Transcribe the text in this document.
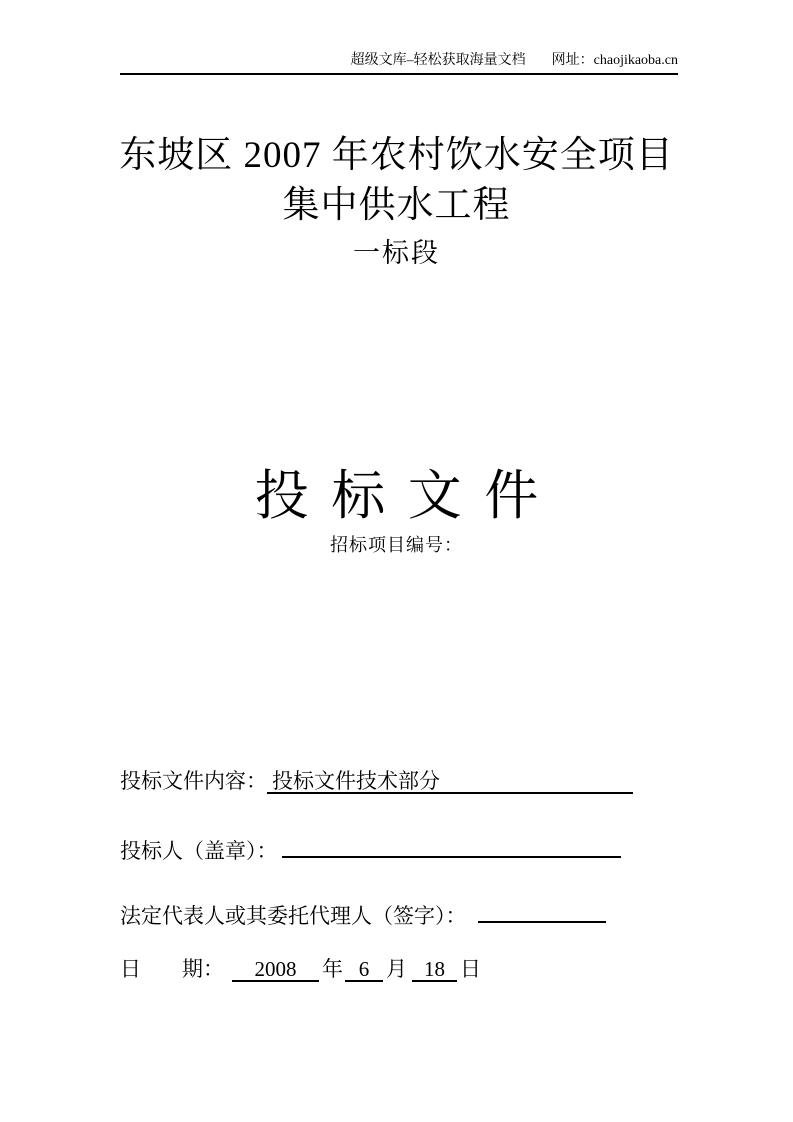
超级文库–轻松获取海量文档 网址：chaojikaoba.cn
东坡区 2007 年农村饮水安全项目
集中供水工程
一标段
投 标 文 件
招标项目编号：
投标文件内容： 投标文件技术部分
投标人（盖章）：
法定代表人或其委托代理人（签字）：
日 期： 2008 年 6 月 18 日
